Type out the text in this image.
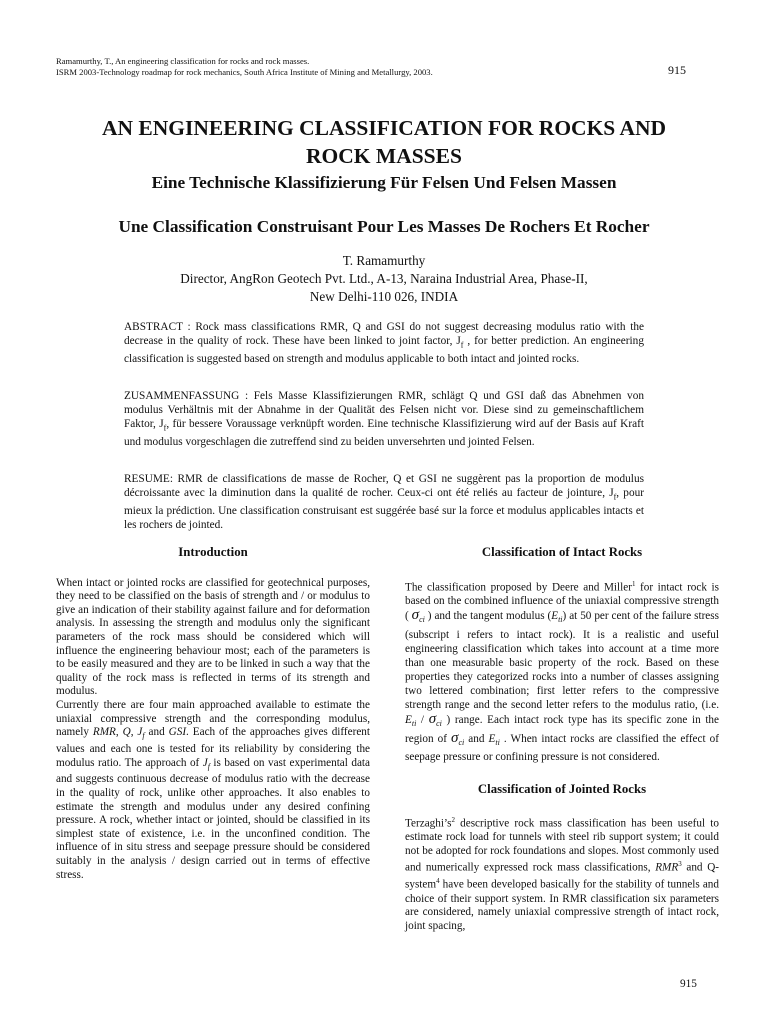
Ramamurthy, T., An engineering classification for rocks and rock masses.
ISRM 2003-Technology roadmap for rock mechanics, South Africa Institute of Mining and Metallurgy, 2003.	915
AN ENGINEERING CLASSIFICATION FOR ROCKS AND
ROCK MASSES
Eine Technische Klassifizierung Für Felsen Und Felsen Massen
Une Classification Construisant Pour Les Masses De Rochers Et Rocher
T. Ramamurthy
Director, AngRon Geotech Pvt. Ltd., A-13, Naraina Industrial Area, Phase-II,
New Delhi-110 026, INDIA
ABSTRACT : Rock mass classifications RMR, Q and GSI do not suggest decreasing modulus ratio with the decrease in the quality of rock. These have been linked to joint factor, $J_f$ , for better prediction. An engineering classification is suggested based on strength and modulus applicable to both intact and jointed rocks.
ZUSAMMENFASSUNG : Fels Masse Klassifizierungen RMR, schlägt Q und GSI daß das Abnehmen von modulus Verhältnis mit der Abnahme in der Qualität des Felsen nicht vor. Diese sind zu gemeinschaftlichem Faktor, $J_f$, für bessere Voraussage verknüpft worden. Eine technische Klassifizierung wird auf der Basis auf Kraft und modulus vorgeschlagen die zutreffend sind zu beiden unversehrten und jointed Felsen.
RESUME: RMR de classifications de masse de Rocher, Q et GSI ne suggèrent pas la proportion de modulus décroissante avec la diminution dans la qualité de rocher. Ceux-ci ont été reliés au facteur de jointure, $J_f$, pour mieux la prédiction. Une classification construisant est suggérée basé sur la force et modulus applicables intacts et les rochers de jointed.
Introduction

When intact or jointed rocks are classified for geotechnical purposes, they need to be classified on the basis of strength and / or modulus to give an indication of their stability against failure and for deformation analysis. In assessing the strength and modulus only the significant parameters of the rock mass should be considered which will influence the engineering behaviour most; each of the parameters is to be easily measured and they are to be linked in such a way that the quality of the rock mass is reflected in terms of its strength and modulus.

Currently there are four main approached available to estimate the uniaxial compressive strength and the corresponding modulus, namely RMR, Q, $J_f$ and GSI. Each of the approaches gives different values and each one is tested for its reliability by considering the modulus ratio. The approach of $J_f$ is based on vast experimental data and suggests continuous decrease of modulus ratio with the decrease in the quality of rock, unlike other approaches. It also enables to estimate the strength and modulus under any desired confining pressure. A rock, whether intact or jointed, should be classified in its simplest state of existence, i.e. in the unconfined condition. The influence of in situ stress and seepage pressure should be considered suitably in the analysis / design carried out in terms of effective stress.

Classification of Intact Rocks

The classification proposed by Deere and Miller$^1$ for intact rock is based on the combined influence of the uniaxial compressive strength ( $\sigma_{ci}$ ) and the tangent modulus $(E_{ti})$ at 50 per cent of the failure stress (subscript i refers to intact rock). It is a realistic and useful engineering classification which takes into account at a time more than one measurable basic property of the rock. Based on these properties they categorized rocks into a number of classes assigning two lettered combination; first letter refers to the compressive strength range and the second letter refers to the modulus ratio, (i.e. $E_{ti} / \sigma_{ci}$ ) range. Each intact rock type has its specific zone in the region of $\sigma_{ci}$ and $E_{ti}$ . When intact rocks are classified the effect of seepage pressure or confining pressure is not considered.

Classification of Jointed Rocks

$Terzaghi’s^2$ descriptive rock mass classification has been useful to estimate rock load for tunnels with steel rib support system; it could not be adopted for rock foundations and slopes. Most commonly used and numerically expressed rock mass classifications, RMR$^3$ and Q-system$^4$ have been developed basically for the stability of tunnels and choice of their support system. In RMR classification six parameters are considered, namely uniaxial compressive strength of intact rock, joint spacing,

915
